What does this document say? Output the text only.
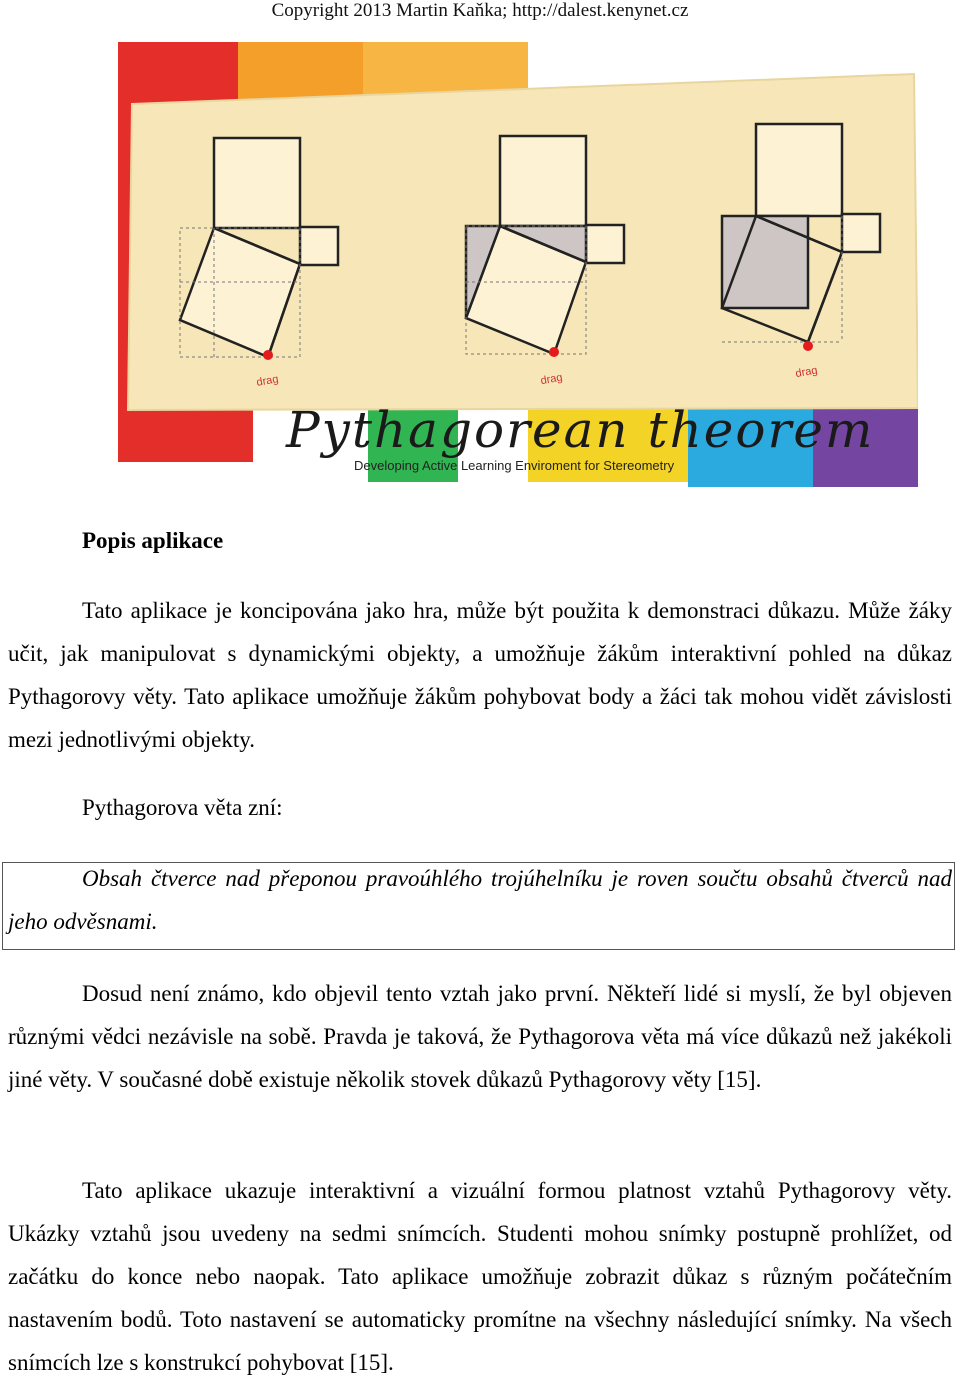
Copyright 2013 Martin Kaňka; http://dalest.kenynet.cz
drag	drag	drag
Pythagorean theorem
Developing Active Learning Enviroment for Stereometry
Popis aplikace

Tato aplikace je koncipována jako hra, může být použita k demonstraci důkazu. Může žáky učit, jak manipulovat s dynamickými objekty, a umožňuje žákům interaktivní pohled na důkaz Pythagorovy věty. Tato aplikace umožňuje žákům pohybovat body a žáci tak mohou vidět závislosti mezi jednotlivými objekty.

Pythagorova věta zní:

Obsah čtverce nad přeponou pravoúhlého trojúhelníku je roven součtu obsahů čtverců nad jeho odvěsnami.

Dosud není známo, kdo objevil tento vztah jako první. Někteří lidé si myslí, že byl objeven různými vědci nezávisle na sobě. Pravda je taková, že Pythagorova věta má více důkazů než jakékoli jiné věty. V současné době existuje několik stovek důkazů Pythagorovy věty [15].

Tato aplikace ukazuje interaktivní a vizuální formou platnost vztahů Pythagorovy věty. Ukázky vztahů jsou uvedeny na sedmi snímcích. Studenti mohou snímky postupně prohlížet, od začátku do konce nebo naopak. Tato aplikace umožňuje zobrazit důkaz s různým počátečním nastavením bodů. Toto nastavení se automaticky promítne na všechny následující snímky. Na všech snímcích lze s konstrukcí pohybovat [15].
